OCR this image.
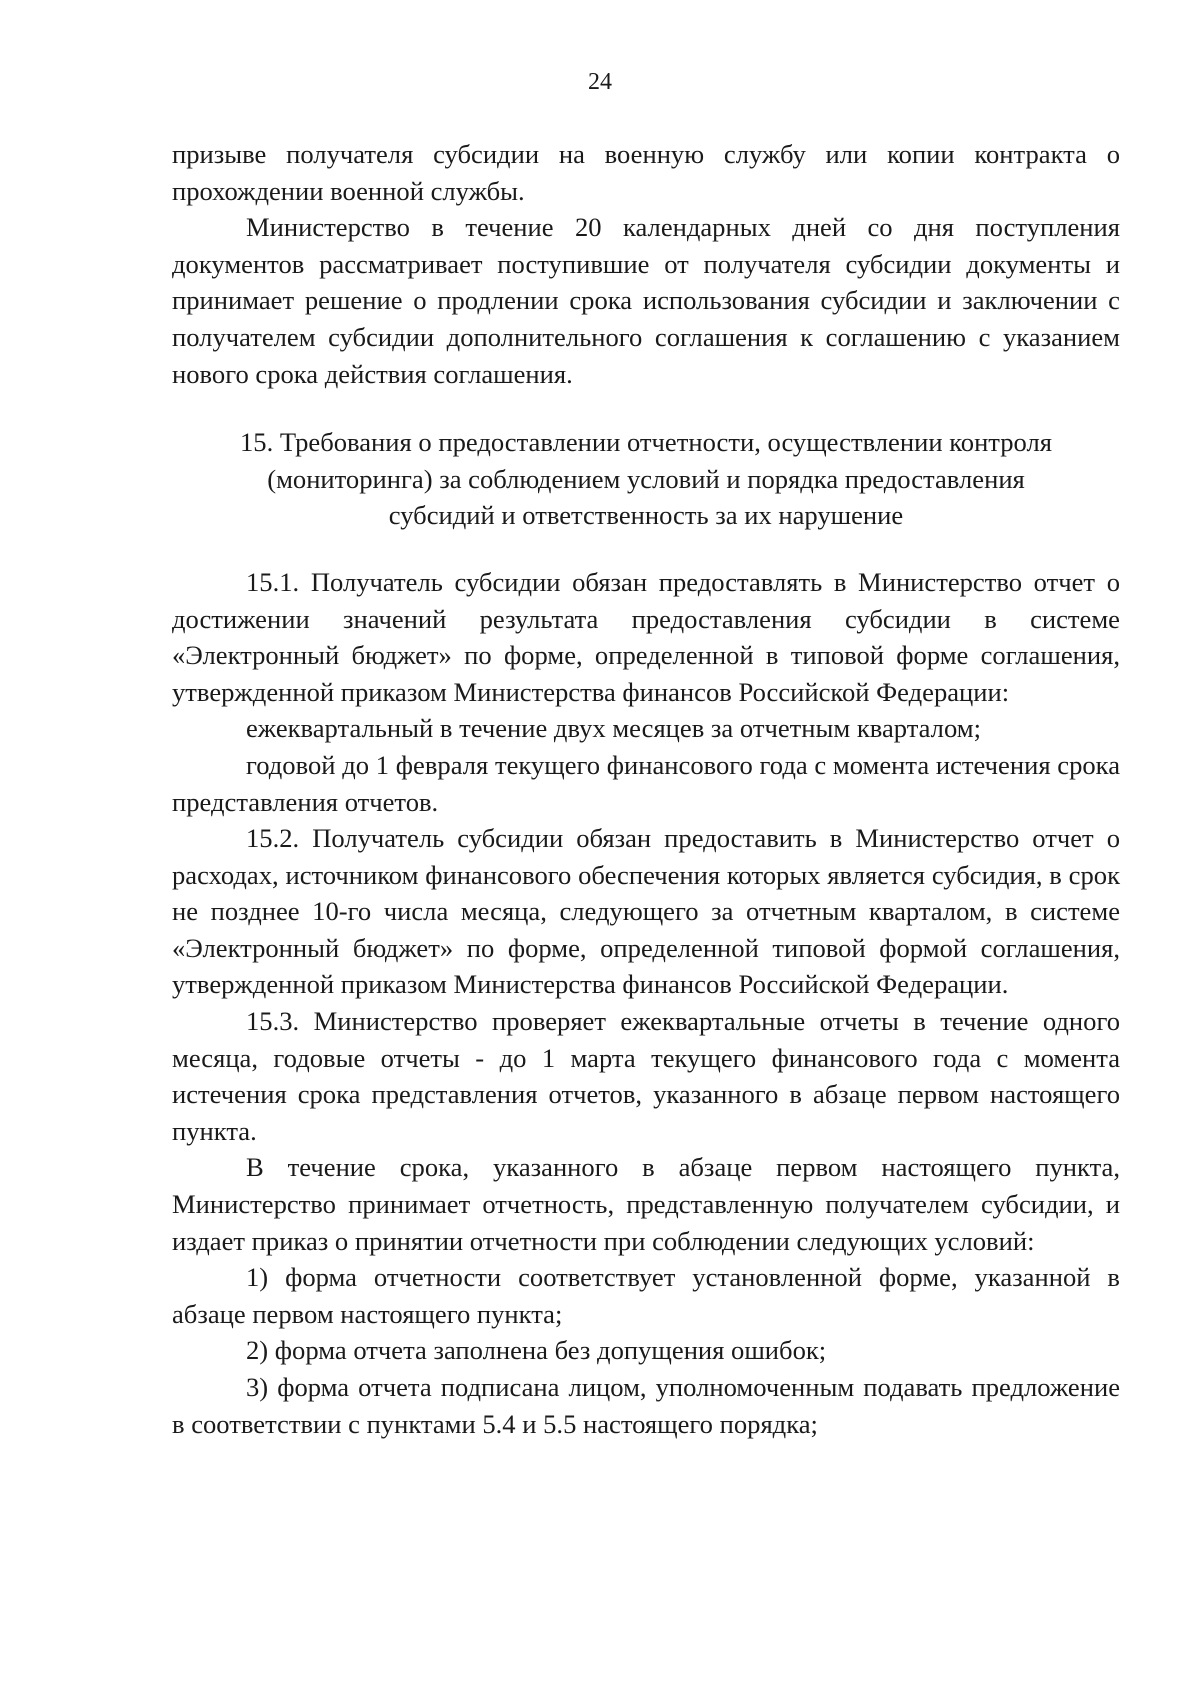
24

призыве получателя субсидии на военную службу или копии контракта о прохождении военной службы.

Министерство в течение 20 календарных дней со дня поступления документов рассматривает поступившие от получателя субсидии документы и принимает решение о продлении срока использования субсидии и заключении с получателем субсидии дополнительного соглашения к соглашению с указанием нового срока действия соглашения.

15. Требования о предоставлении отчетности, осуществлении контроля
(мониторинга) за соблюдением условий и порядка предоставления
субсидий и ответственность за их нарушение

15.1. Получатель субсидии обязан предоставлять в Министерство отчет о достижении значений результата предоставления субсидии в системе «Электронный бюджет» по форме, определенной в типовой форме соглашения, утвержденной приказом Министерства финансов Российской Федерации:

ежеквартальный в течение двух месяцев за отчетным кварталом;

годовой до 1 февраля текущего финансового года с момента истечения срока представления отчетов.

15.2. Получатель субсидии обязан предоставить в Министерство отчет о расходах, источником финансового обеспечения которых является субсидия, в срок не позднее 10-го числа месяца, следующего за отчетным кварталом, в системе «Электронный бюджет» по форме, определенной типовой формой соглашения, утвержденной приказом Министерства финансов Российской Федерации.

15.3. Министерство проверяет ежеквартальные отчеты в течение одного месяца, годовые отчеты - до 1 марта текущего финансового года с момента истечения срока представления отчетов, указанного в абзаце первом настоящего пункта.

В течение срока, указанного в абзаце первом настоящего пункта, Министерство принимает отчетность, представленную получателем субсидии, и издает приказ о принятии отчетности при соблюдении следующих условий:

1) форма отчетности соответствует установленной форме, указанной в абзаце первом настоящего пункта;

2) форма отчета заполнена без допущения ошибок;

3) форма отчета подписана лицом, уполномоченным подавать предложение в соответствии с пунктами 5.4 и 5.5 настоящего порядка;
